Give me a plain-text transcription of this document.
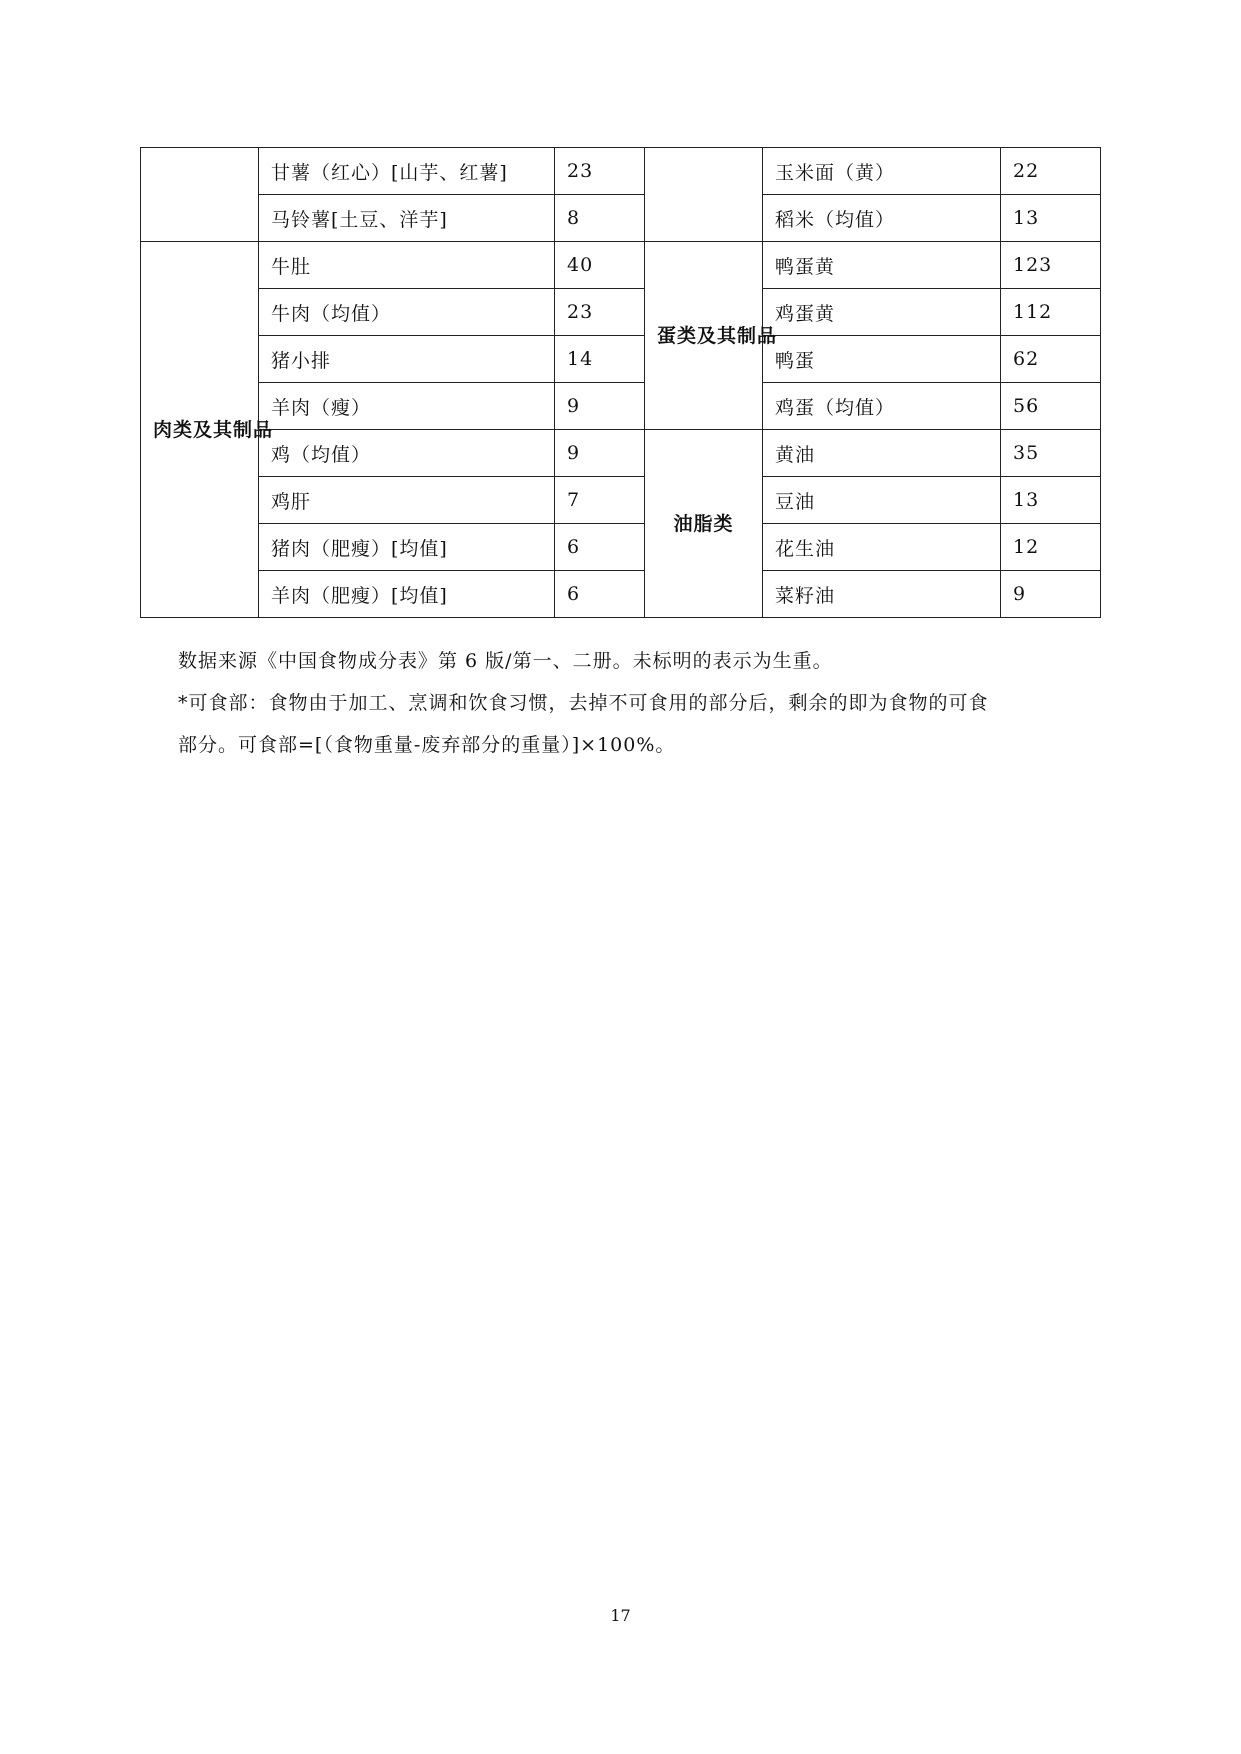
	甘薯（红心）[山芋、红薯]	23		玉米面（黄）	22
	马铃薯[土豆、洋芋]	8		稻米（均值）	13
肉类及其制品	牛肚	40	蛋类及其制品	鸭蛋黄	123
	牛肉（均值）	23		鸡蛋黄	112
	猪小排	14		鸭蛋	62
	羊肉（瘦）	9		鸡蛋（均值）	56
	鸡（均值）	9	油脂类	黄油	35
	鸡肝	7		豆油	13
	猪肉（肥瘦）[均值]	6		花生油	12
	羊肉（肥瘦）[均值]	6		菜籽油	9

数据来源《中国食物成分表》第 6 版/第一、二册。未标明的表示为生重。

*可食部：食物由于加工、烹调和饮食习惯，去掉不可食用的部分后，剩余的即为食物的可食

部分。可食部=[（食物重量-废弃部分的重量）]×100%。

17
